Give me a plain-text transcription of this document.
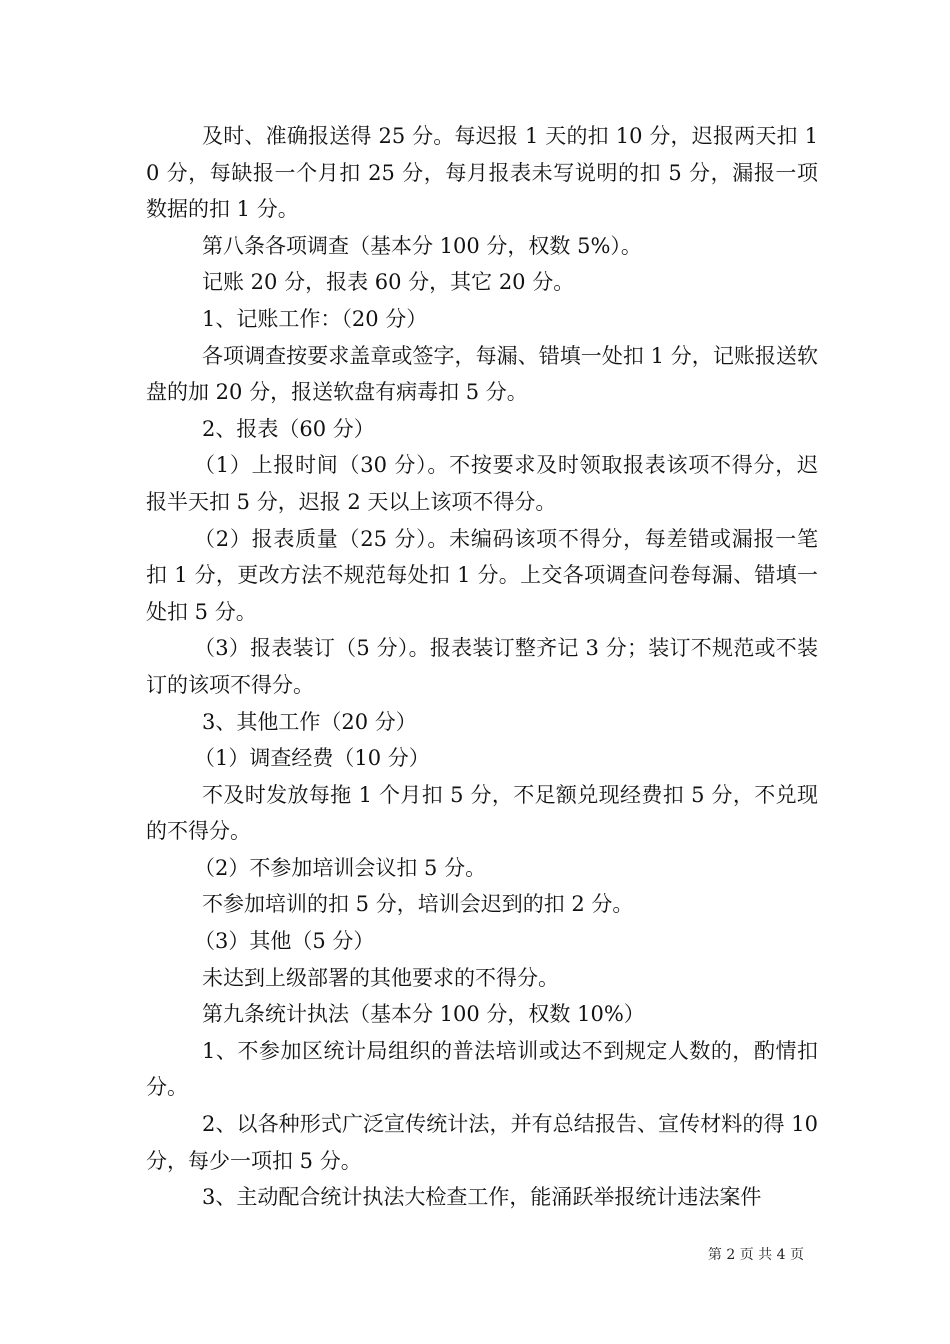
及时、准确报送得 25 分。每迟报 1 天的扣 10 分，迟报两天扣 10 分，每缺报一个月扣 25 分，每月报表未写说明的扣 5 分，漏报一项数据的扣 1 分。

第八条各项调查（基本分 100 分，权数 5%）。

记账 20 分，报表 60 分，其它 20 分。

1、记账工作：（20 分）

各项调查按要求盖章或签字，每漏、错填一处扣 1 分，记账报送软盘的加 20 分，报送软盘有病毒扣 5 分。

2、报表（60 分）

（1）上报时间（30 分）。不按要求及时领取报表该项不得分，迟报半天扣 5 分，迟报 2 天以上该项不得分。

（2）报表质量（25 分）。未编码该项不得分，每差错或漏报一笔扣 1 分，更改方法不规范每处扣 1 分。上交各项调查问卷每漏、错填一处扣 5 分。

（3）报表装订（5 分）。报表装订整齐记 3 分；装订不规范或不装订的该项不得分。

3、其他工作（20 分）

（1）调查经费（10 分）

不及时发放每拖 1 个月扣 5 分，不足额兑现经费扣 5 分，不兑现的不得分。

（2）不参加培训会议扣 5 分。

不参加培训的扣 5 分，培训会迟到的扣 2 分。

（3）其他（5 分）

未达到上级部署的其他要求的不得分。

第九条统计执法（基本分 100 分，权数 10%）

1、不参加区统计局组织的普法培训或达不到规定人数的，酌情扣分。

2、以各种形式广泛宣传统计法，并有总结报告、宣传材料的得 10 分，每少一项扣 5 分。

3、主动配合统计执法大检查工作，能涌跃举报统计违法案件

第 2 页 共 4 页
